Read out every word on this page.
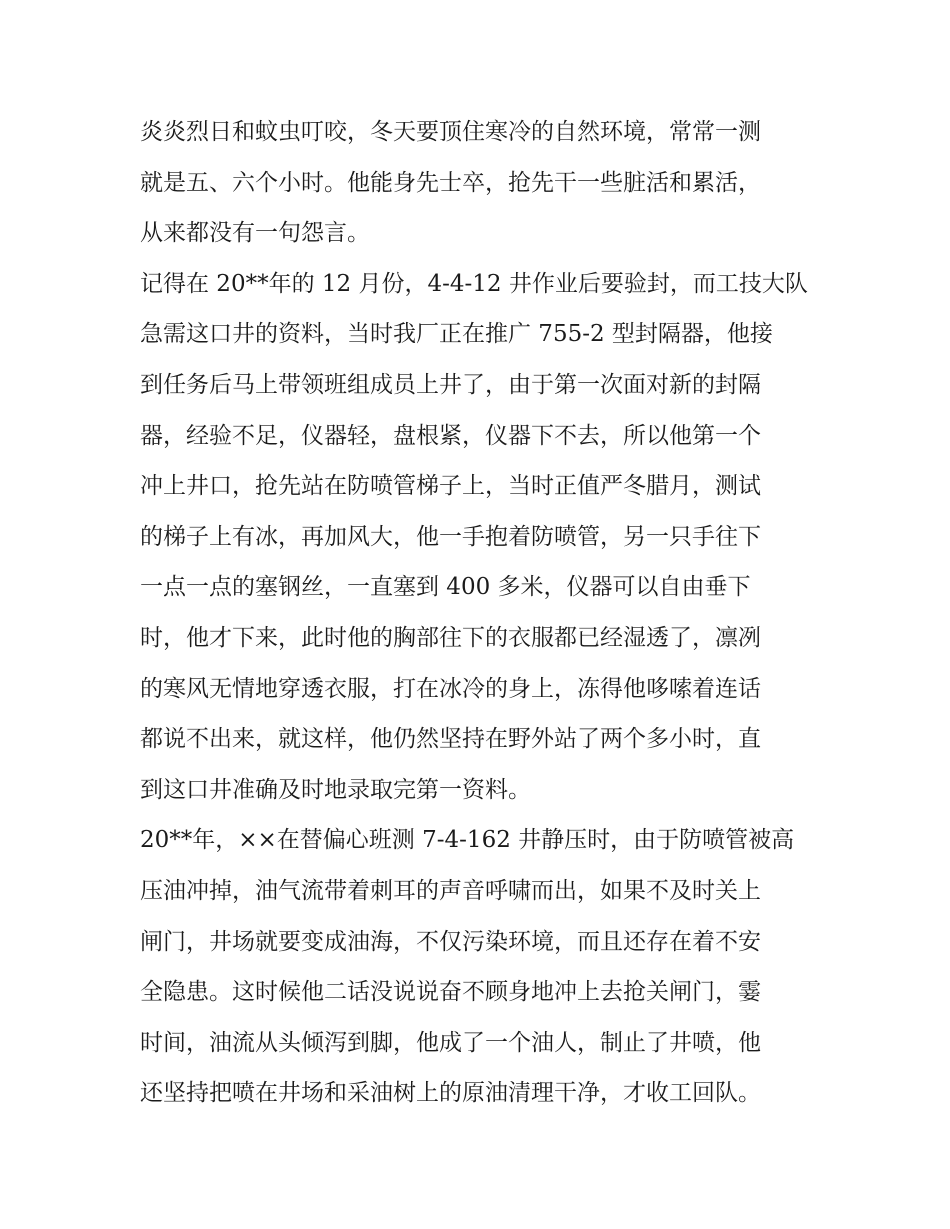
炎炎烈日和蚊虫叮咬，冬天要顶住寒冷的自然环境，常常一测
就是五、六个小时。他能身先士卒，抢先干一些脏活和累活，
从来都没有一句怨言。
记得在 20**年的 12 月份，4-4-12 井作业后要验封，而工技大队
急需这口井的资料，当时我厂正在推广 755-2 型封隔器，他接
到任务后马上带领班组成员上井了，由于第一次面对新的封隔
器，经验不足，仪器轻，盘根紧，仪器下不去，所以他第一个
冲上井口，抢先站在防喷管梯子上，当时正值严冬腊月，测试
的梯子上有冰，再加风大，他一手抱着防喷管，另一只手往下
一点一点的塞钢丝，一直塞到 400 多米，仪器可以自由垂下
时，他才下来，此时他的胸部往下的衣服都已经湿透了，凛冽
的寒风无情地穿透衣服，打在冰冷的身上，冻得他哆嗦着连话
都说不出来，就这样，他仍然坚持在野外站了两个多小时，直
到这口井准确及时地录取完第一资料。
20**年，××在替偏心班测 7-4-162 井静压时，由于防喷管被高
压油冲掉，油气流带着刺耳的声音呼啸而出，如果不及时关上
闸门，井场就要变成油海，不仅污染环境，而且还存在着不安
全隐患。这时候他二话没说说奋不顾身地冲上去抢关闸门，霎
时间，油流从头倾泻到脚，他成了一个油人，制止了井喷，他
还坚持把喷在井场和采油树上的原油清理干净，才收工回队。
